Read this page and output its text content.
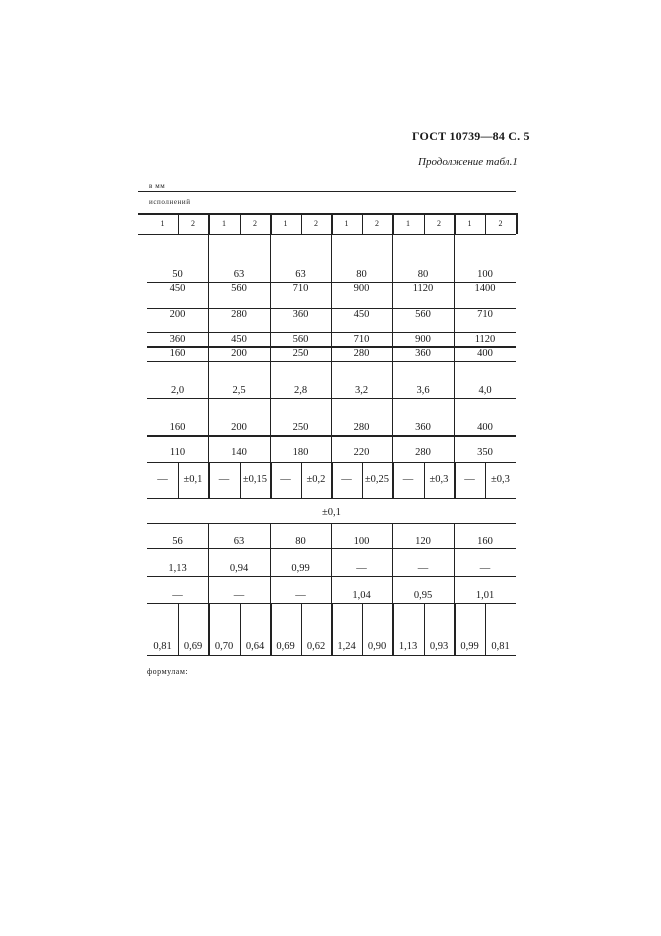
ГОСТ 10739—84 С. 5
Продолжение табл.1
в мм
исполнений
1	2	1	2	1	2	1	2	1	2	1	2
50	63	63	80	80	100
450	560	710	900	1120	1400
200	280	360	450	560	710
360	450	560	710	900	1120
160	200	250	280	360	400
2,0	2,5	2,8	3,2	3,6	4,0
160	200	250	280	360	400
110	140	180	220	280	350
—	±0,1	—	±0,15	—	±0,2	—	±0,25	—	±0,3	—	±0,3
±0,1
56	63	80	100	120	160
1,13	0,94	0,99	—	—	—
—	—	—	1,04	0,95	1,01
0,81	0,69	0,70	0,64	0,69	0,62	1,24	0,90	1,13	0,93	0,99	0,81
формулам:
